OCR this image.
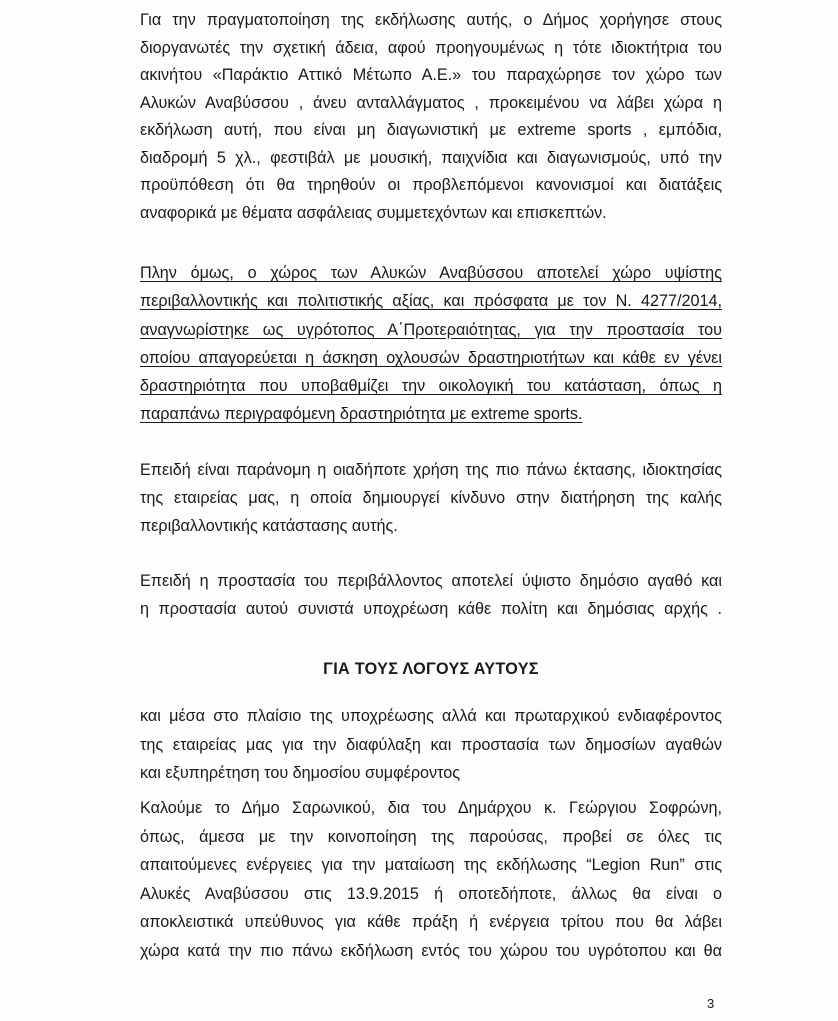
Για την πραγματοποίηση της εκδήλωσης αυτής, ο Δήμος χορήγησε στους
διοργανωτές την σχετική άδεια, αφού προηγουμένως η τότε ιδιοκτήτρια του
ακινήτου «Παράκτιο Αττικό Μέτωπο Α.Ε.» του παραχώρησε τον χώρο των
Αλυκών Αναβύσσου , άνευ ανταλλάγματος , προκειμένου να λάβει χώρα η
εκδήλωση αυτή, που είναι μη διαγωνιστική με extreme sports , εμπόδια,
διαδρομή 5 χλ., φεστιβάλ με μουσική, παιχνίδια και διαγωνισμούς, υπό την
προϋπόθεση ότι θα τηρηθούν οι προβλεπόμενοι κανονισμοί και διατάξεις
αναφορικά με θέματα ασφάλειας συμμετεχόντων και επισκεπτών.
Πλην όμως, ο χώρος των Αλυκών Αναβύσσου αποτελεί χώρο υψίστης
περιβαλλοντικής και πολιτιστικής αξίας, και πρόσφατα με τον Ν. 4277/2014,
αναγνωρίστηκε ως υγρότοπος Α΄Προτεραιότητας, για την προστασία του
οποίου απαγορεύεται η άσκηση οχλουσών δραστηριοτήτων και κάθε εν γένει
δραστηριότητα που υποβαθμίζει την οικολογική του κατάσταση, όπως η
παραπάνω περιγραφόμενη δραστηριότητα με extreme sports.
Επειδή είναι παράνομη η οιαδήποτε χρήση της πιο πάνω έκτασης, ιδιοκτησίας
της εταιρείας μας, η οποία δημιουργεί κίνδυνο στην διατήρηση της καλής
περιβαλλοντικής κατάστασης αυτής.
Επειδή η προστασία του περιβάλλοντος αποτελεί ύψιστο δημόσιο αγαθό και
η προστασία αυτού συνιστά υποχρέωση κάθε πολίτη και δημόσιας αρχής .
ΓΙΑ ΤΟΥΣ ΛΟΓΟΥΣ ΑΥΤΟΥΣ
και μέσα στο πλαίσιο της υποχρέωσης αλλά και πρωταρχικού ενδιαφέροντος
της εταιρείας μας για την διαφύλαξη και προστασία των δημοσίων αγαθών
και εξυπηρέτηση του δημοσίου συμφέροντος
Καλούμε το Δήμο Σαρωνικού, δια του Δημάρχου κ. Γεώργιου Σοφρώνη,
όπως, άμεσα με την κοινοποίηση της παρούσας, προβεί σε όλες τις
απαιτούμενες ενέργειες για την ματαίωση της εκδήλωσης “Legion Run” στις
Αλυκές Αναβύσσου στις 13.9.2015 ή οποτεδήποτε, άλλως θα είναι ο
αποκλειστικά υπεύθυνος για κάθε πράξη ή ενέργεια τρίτου που θα λάβει
χώρα κατά την πιο πάνω εκδήλωση εντός του χώρου του υγρότοπου και θα
3
